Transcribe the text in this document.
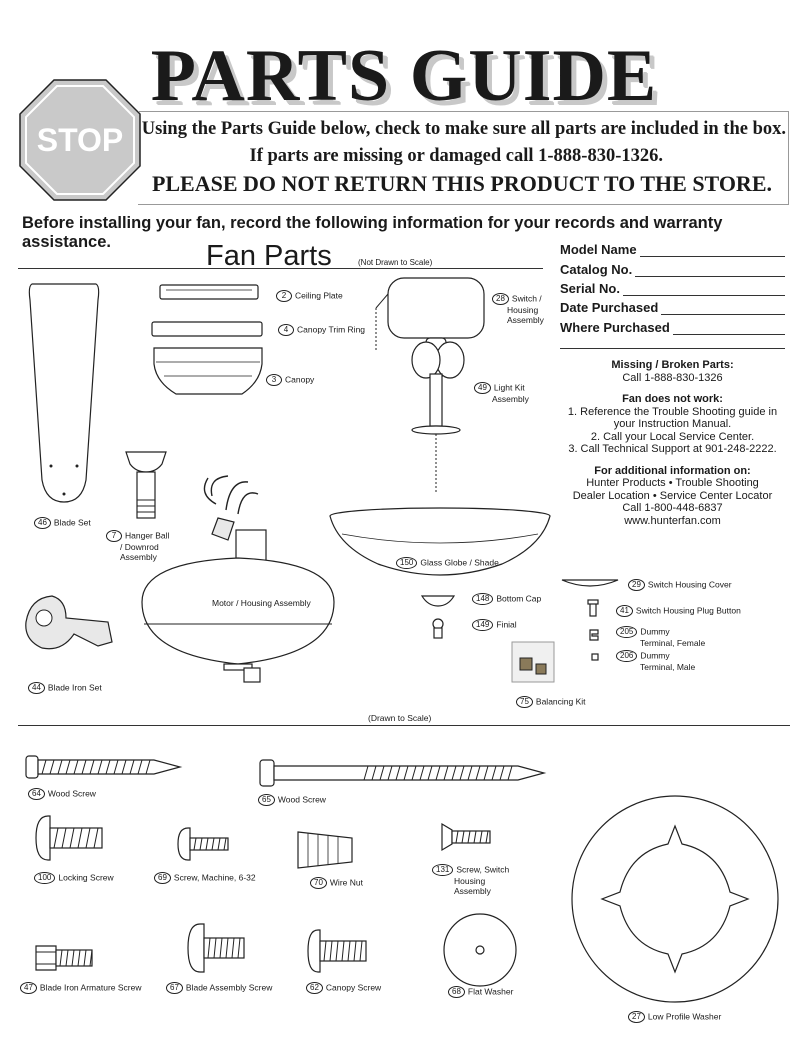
PARTS GUIDE
STOP Using the Parts Guide below, check to make sure all parts are included in the box.
If parts are missing or damaged call 1-888-830-1326.
PLEASE DO NOT RETURN THIS PRODUCT TO THE STORE.
Before installing your fan, record the following information for your records and warranty assistance.	Fan Parts	(Not Drawn to Scale)
Model Name
Catalog No.
Serial No.
Date Purchased
Where Purchased
Missing / Broken Parts:
Call 1-888-830-1326
Fan does not work:
1. Reference the Trouble Shooting guide in
your Instruction Manual.
2. Call your Local Service Center.
3. Call Technical Support at 901-248-2222.
For additional information on:
Hunter Products • Trouble Shooting
Dealer Location • Service Center Locator
Call 1-800-448-6837
www.hunterfan.com
46 Blade Set
2 Ceiling Plate
4 Canopy Trim Ring
3 Canopy
28 Switch /
Housing
Assembly
49 Light Kit
Assembly
7 Hanger Ball
/ Downrod
Assembly
Motor / Housing Assembly
150 Glass Globe / Shade
148 Bottom Cap
149 Finial
44 Blade Iron Set
75 Balancing Kit
29 Switch Housing Cover
41 Switch Housing Plug Button
205 Dummy
Terminal, Female
206 Dummy
Terminal, Male
(Drawn to Scale)
64 Wood Screw
65 Wood Screw
100 Locking Screw	69 Screw, Machine, 6-32
70 Wire Nut
131 Screw, Switch
Housing
Assembly
47 Blade Iron Armature Screw	67 Blade Assembly Screw	62 Canopy Screw	68 Flat Washer
27 Low Profile Washer
